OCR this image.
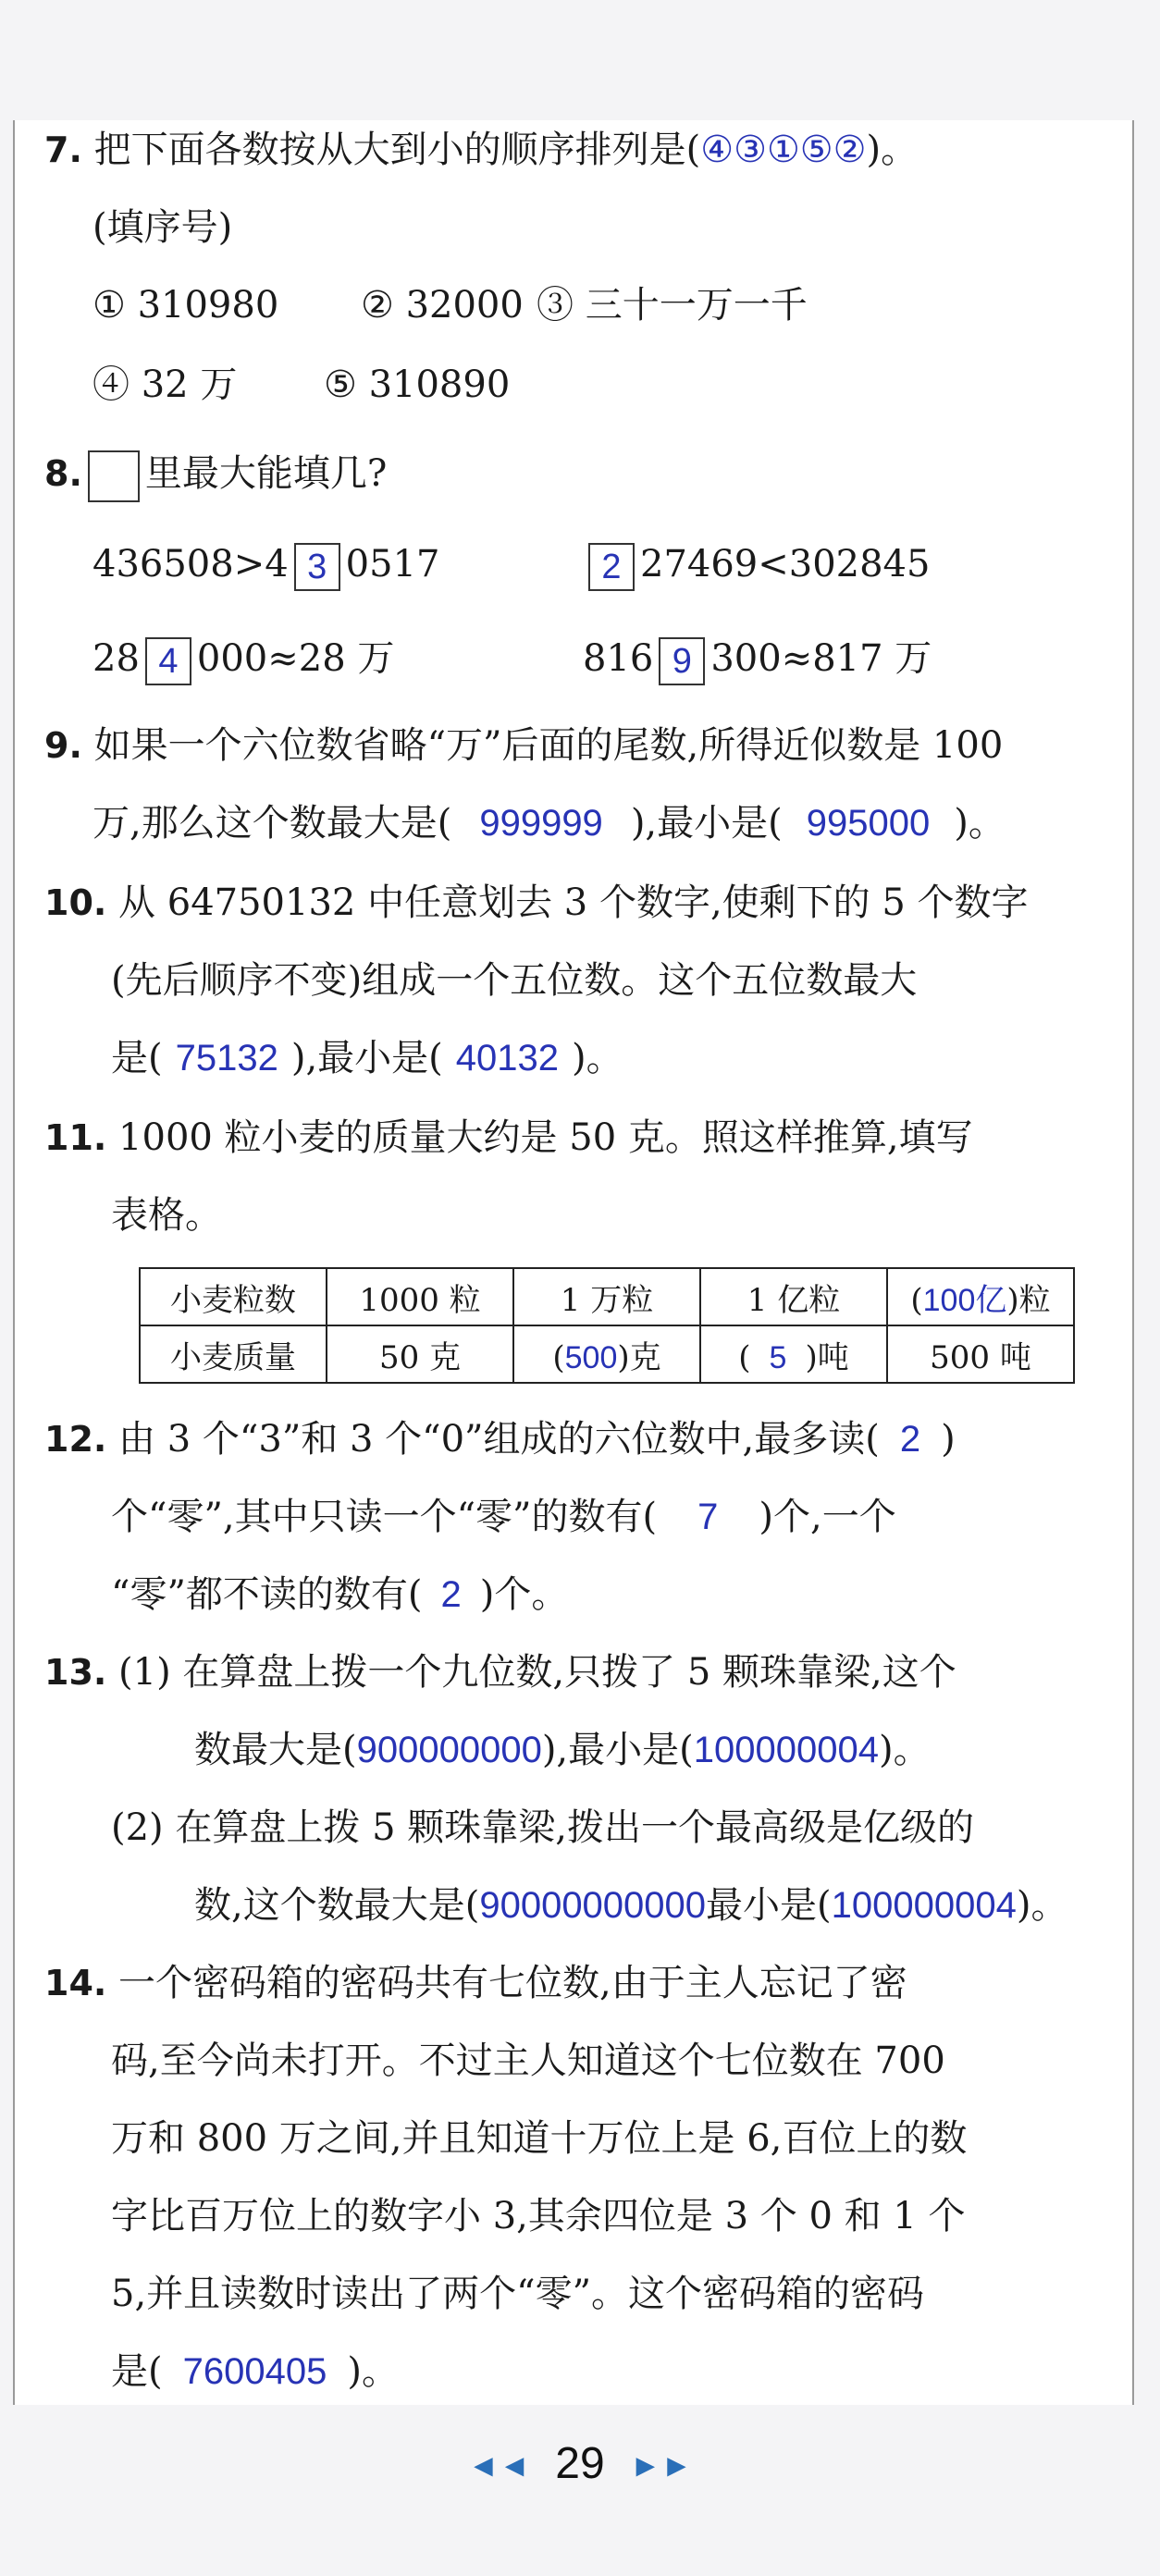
7. 把下面各数按从大到小的顺序排列是(④③①⑤②)。
(填序号)
① 310980 ② 32000 ③ 三十一万一千
④ 32 万 ⑤ 310890
8. 里最大能填几?
436508>4 3 0517	2 27469<302845
28 4 000≈28 万	816 9 300≈817 万
9. 如果一个六位数省略“万”后面的尾数,所得近似数是 100
万,那么这个数最大是( 999999 ),最小是( 995000 )。
10. 从 64750132 中任意划去 3 个数字,使剩下的 5 个数字
(先后顺序不变)组成一个五位数。这个五位数最大
是( 75132 ),最小是( 40132 )。
11. 1000 粒小麦的质量大约是 50 克。照这样推算,填写
表格。
小麦粒数	1000 粒	1 万粒	1 亿粒	(100亿)粒
小麦质量	50 克	(500)克	( 5 )吨	500 吨
12. 由 3 个“3”和 3 个“0”组成的六位数中,最多读( 2 )
个“零”,其中只读一个“零”的数有( 7 )个,一个
“零”都不读的数有( 2 )个。
13. (1) 在算盘上拨一个九位数,只拨了 5 颗珠靠梁,这个
数最大是(900000000),最小是(100000004)。
(2) 在算盘上拨 5 颗珠靠梁,拨出一个最高级是亿级的
数,这个数最大是(90000000000最小是(100000004)。
14. 一个密码箱的密码共有七位数,由于主人忘记了密
码,至今尚未打开。不过主人知道这个七位数在 700
万和 800 万之间,并且知道十万位上是 6,百位上的数
字比百万位上的数字小 3,其余四位是 3 个 0 和 1 个
5,并且读数时读出了两个“零”。这个密码箱的密码
是( 7600405 )。
◄◄ 29 ►►
